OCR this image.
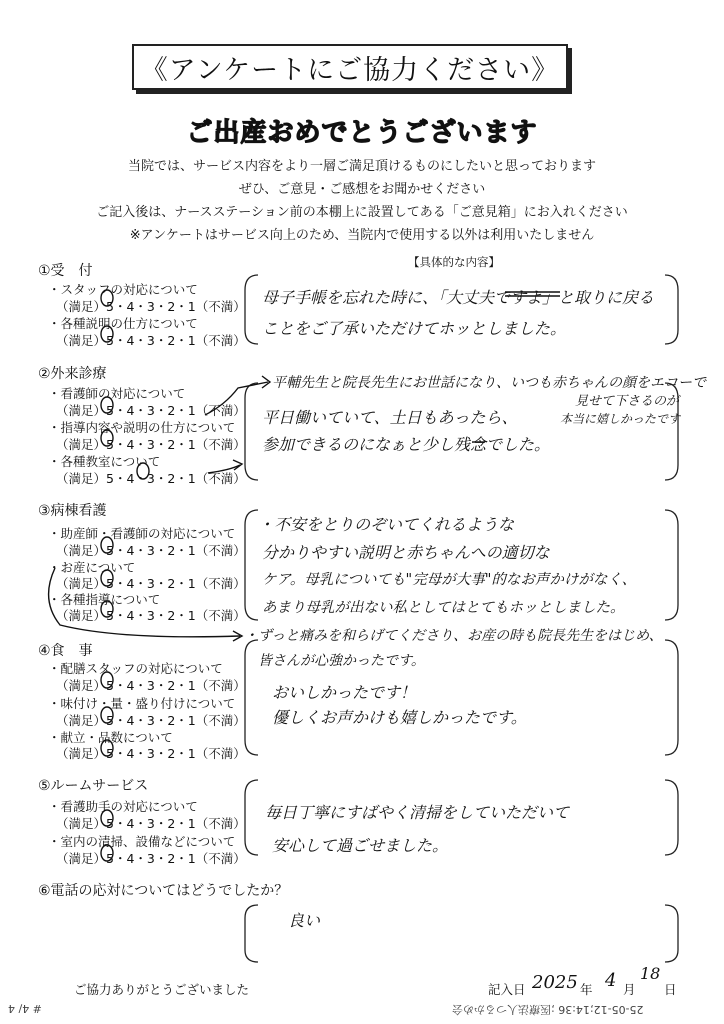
《アンケートにご協力ください》
ご出産おめでとうございます
当院では、サービス内容をより一層ご満足頂けるものにしたいと思っております
ぜひ、ご意見・ご感想をお聞かせください
ご記入後は、ナースステーション前の本棚上に設置してある「ご意見箱」にお入れください
※アンケートはサービス向上のため、当院内で使用する以外は利用いたしません
【具体的な内容】
①受　付
・スタッフの対応について
（満足）5・4・3・2・1（不満）
・各種説明の仕方について
（満足）5・4・3・2・1（不満）
母子手帳を忘れた時に、「大丈夫ですよ」と取りに戻る
ことをご了承いただけてホッとしました。
②外来診療
・看護師の対応について
（満足）5・4・3・2・1（不満）
・指導内容や説明の仕方について
（満足）5・4・3・2・1（不満）
・各種教室について
（満足）5・4・3・2・1（不満）
平輔先生と院長先生にお世話になり、いつも赤ちゃんの顔をエコーで
平日働いていて、土日もあったら、
参加できるのになぁと少し残念でした。
見せて下さるのが
本当に嬉しかったです
③病棟看護
・助産師・看護師の対応について
（満足）5・4・3・2・1（不満）
・お産について
（満足）5・4・3・2・1（不満）
・各種指導について
（満足）5・4・3・2・1（不満）
・不安をとりのぞいてくれるような
分かりやすい説明と赤ちゃんへの適切な
ケア。母乳についても"完母が大事"的なお声かけがなく、
あまり母乳が出ない私としてはとてもホッとしました。
・ずっと痛みを和らげてくださり、お産の時も院長先生をはじめ、
皆さんが心強かったです。
④食　事
・配膳スタッフの対応について
（満足）5・4・3・2・1（不満）
・味付け・量・盛り付けについて
（満足）5・4・3・2・1（不満）
・献立・品数について
（満足）5・4・3・2・1（不満）
おいしかったです！
優しくお声かけも嬉しかったです。
⑤ルームサービス
・看護助手の対応について
（満足）5・4・3・2・1（不満）
・室内の清掃、設備などについて
（満足）5・4・3・2・1（不満）
毎日丁寧にすばやく清掃をしていただいて
安心して過ごせました。
⑥電話の応対についてはどうでしたか？
良い
ご協力ありがとうございました	記入日 2025 年 4 月
18
日
25-05-12;14:36 ;医療法人つるかめ会
# 4/ 4
